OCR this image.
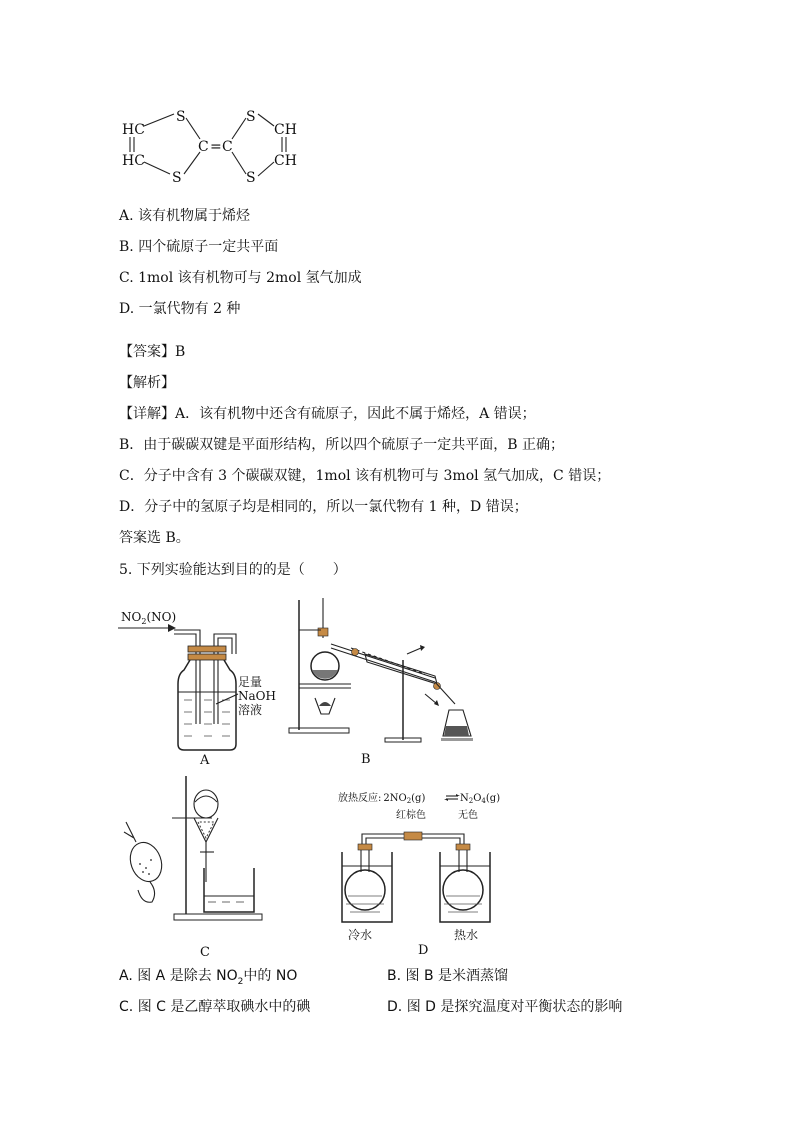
HC
HC
S
S
C = C
S
S
CH
CH
A. 该有机物属于烯烃
B. 四个硫原子一定共平面
C. 1mol 该有机物可与 2mol 氢气加成
D. 一氯代物有 2 种
【答案】B
【解析】
【详解】A．该有机物中还含有硫原子，因此不属于烯烃，A 错误；
B．由于碳碳双键是平面形结构，所以四个硫原子一定共平面，B 正确；
C．分子中含有 3 个碳碳双键，1mol 该有机物可与 3mol 氢气加成，C 错误；
D．分子中的氢原子均是相同的，所以一氯代物有 1 种，D 错误；
答案选 B。
5. 下列实验能达到目的的是（　　）
$NO_2(NO)$
足量
NaOH
溶液
A	B
C
放热反应: $2NO_2(g)$	$N_2O_4(g)$
红棕色	无色
冷水	热水
D
A. 图 A 是除去 $NO_2$中的 NO	B. 图 B 是米酒蒸馏
C. 图 C 是乙醇萃取碘水中的碘	D. 图 D 是探究温度对平衡状态的影响
